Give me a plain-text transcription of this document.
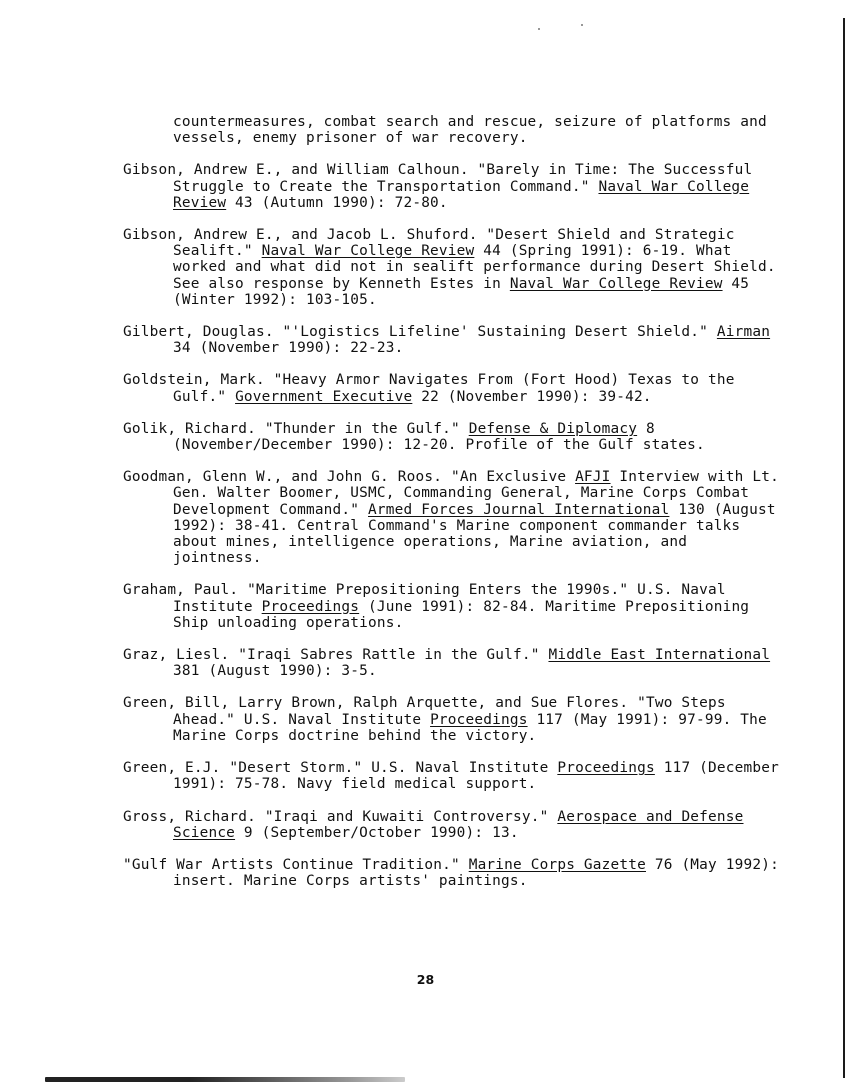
countermeasures, combat search and rescue, seizure of platforms and vessels, enemy prisoner of war recovery.

Gibson, Andrew E., and William Calhoun. "Barely in Time: The Successful Struggle to Create the Transportation Command." Naval War College Review 43 (Autumn 1990): 72-80.

Gibson, Andrew E., and Jacob L. Shuford. "Desert Shield and Strategic Sealift." Naval War College Review 44 (Spring 1991): 6-19. What worked and what did not in sealift performance during Desert Shield. See also response by Kenneth Estes in Naval War College Review 45 (Winter 1992): 103-105.

Gilbert, Douglas. "'Logistics Lifeline' Sustaining Desert Shield." Airman 34 (November 1990): 22-23.

Goldstein, Mark. "Heavy Armor Navigates From (Fort Hood) Texas to the Gulf." Government Executive 22 (November 1990): 39-42.

Golik, Richard. "Thunder in the Gulf." Defense & Diplomacy 8 (November/December 1990): 12-20. Profile of the Gulf states.

Goodman, Glenn W., and John G. Roos. "An Exclusive AFJI Interview with Lt. Gen. Walter Boomer, USMC, Commanding General, Marine Corps Combat Development Command." Armed Forces Journal International 130 (August 1992): 38-41. Central Command's Marine component commander talks about mines, intelligence operations, Marine aviation, and jointness.

Graham, Paul. "Maritime Prepositioning Enters the 1990s." U.S. Naval Institute Proceedings (June 1991): 82-84. Maritime Prepositioning Ship unloading operations.

Graz, Liesl. "Iraqi Sabres Rattle in the Gulf." Middle East International 381 (August 1990): 3-5.

Green, Bill, Larry Brown, Ralph Arquette, and Sue Flores. "Two Steps Ahead." U.S. Naval Institute Proceedings 117 (May 1991): 97-99. The Marine Corps doctrine behind the victory.

Green, E.J. "Desert Storm." U.S. Naval Institute Proceedings 117 (December 1991): 75-78. Navy field medical support.

Gross, Richard. "Iraqi and Kuwaiti Controversy." Aerospace and Defense Science 9 (September/October 1990): 13.

"Gulf War Artists Continue Tradition." Marine Corps Gazette 76 (May 1992): insert. Marine Corps artists' paintings.

28
